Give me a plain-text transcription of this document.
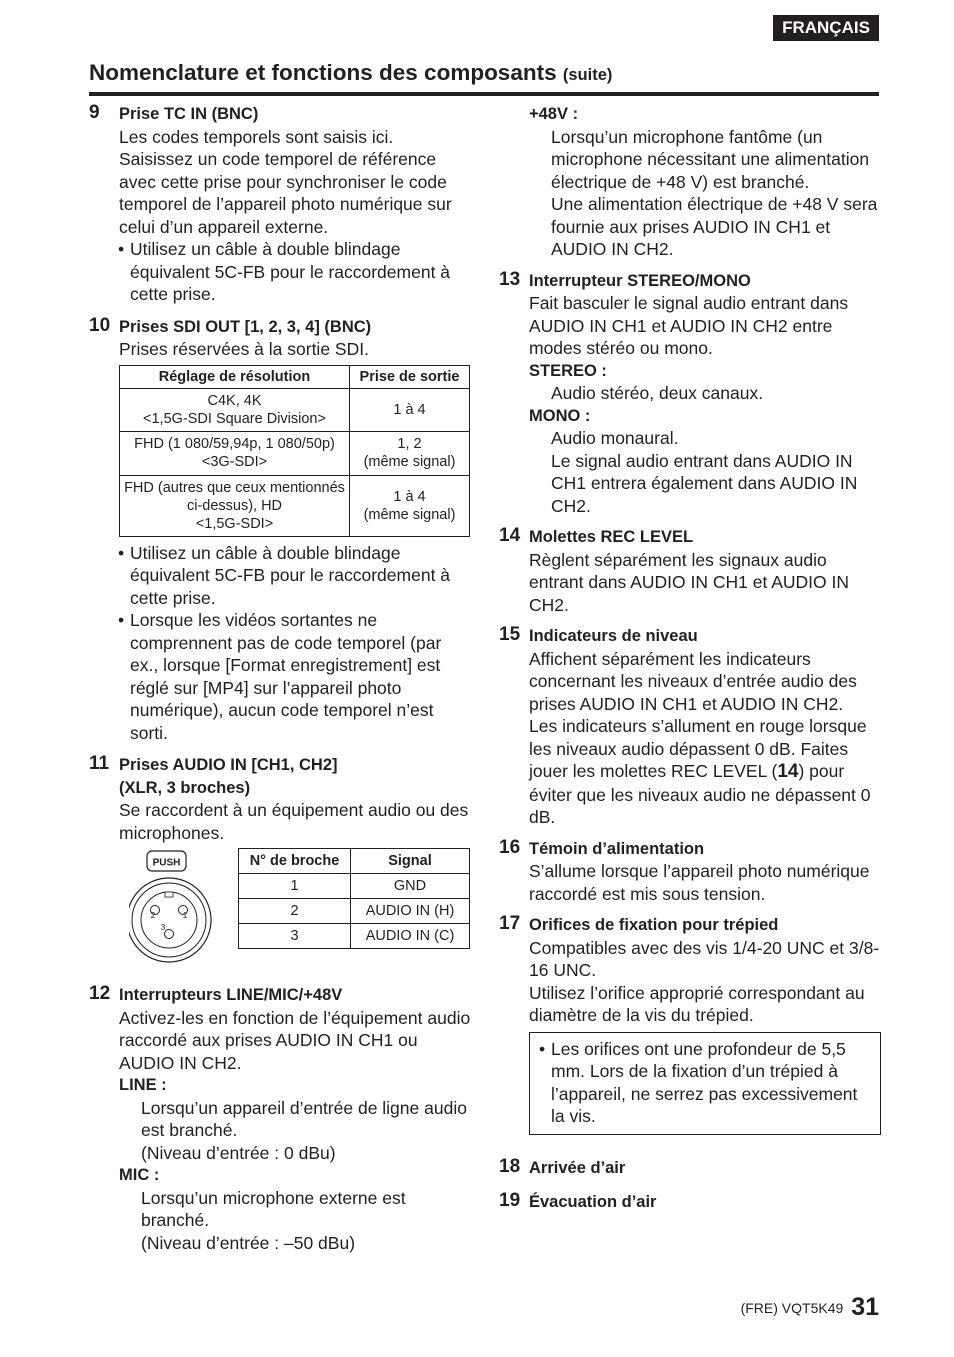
FRANÇAIS
Nomenclature et fonctions des composants (suite)
9 Prise TC IN (BNC)
Les codes temporels sont saisis ici. Saisissez un code temporel de référence avec cette prise pour synchroniser le code temporel de l’appareil photo numérique sur celui d’un appareil externe.
• Utilisez un câble à double blindage équivalent 5C-FB pour le raccordement à cette prise.
10 Prises SDI OUT [1, 2, 3, 4] (BNC)
Prises réservées à la sortie SDI.
Réglage de résolution	Prise de sortie
C4K, 4K
<1,5G-SDI Square Division>	1 à 4
FHD (1 080/59,94p, 1 080/50p)
<3G-SDI>	1, 2
(même signal)
FHD (autres que ceux mentionnés ci-dessus), HD
<1,5G-SDI>	1 à 4
(même signal)
• Utilisez un câble à double blindage équivalent 5C-FB pour le raccordement à cette prise.
• Lorsque les vidéos sortantes ne comprennent pas de code temporel (par ex., lorsque [Format enregistrement] est réglé sur [MP4] sur l’appareil photo numérique), aucun code temporel n’est sorti.
11 Prises AUDIO IN [CH1, CH2]
(XLR, 3 broches)
Se raccordent à un équipement audio ou des microphones.
PUSH
2	1
3
N° de broche	Signal
1	GND
2	AUDIO IN (H)
3	AUDIO IN (C)
12 Interrupteurs LINE/MIC/+48V
Activez-les en fonction de l’équipement audio raccordé aux prises AUDIO IN CH1 ou AUDIO IN CH2.
LINE :
Lorsqu’un appareil d’entrée de ligne audio est branché.
(Niveau d’entrée : 0 dBu)
MIC :
Lorsqu’un microphone externe est branché.
(Niveau d’entrée : –50 dBu)
+48V :
Lorsqu’un microphone fantôme (un microphone nécessitant une alimentation électrique de +48 V) est branché.
Une alimentation électrique de +48 V sera fournie aux prises AUDIO IN CH1 et AUDIO IN CH2.
13 Interrupteur STEREO/MONO
Fait basculer le signal audio entrant dans AUDIO IN CH1 et AUDIO IN CH2 entre modes stéréo ou mono.
STEREO :
Audio stéréo, deux canaux.
MONO :
Audio monaural.
Le signal audio entrant dans AUDIO IN CH1 entrera également dans AUDIO IN CH2.
14 Molettes REC LEVEL
Règlent séparément les signaux audio entrant dans AUDIO IN CH1 et AUDIO IN CH2.
15 Indicateurs de niveau
Affichent séparément les indicateurs concernant les niveaux d’entrée audio des prises AUDIO IN CH1 et AUDIO IN CH2.
Les indicateurs s’allument en rouge lorsque les niveaux audio dépassent 0 dB. Faites jouer les molettes REC LEVEL (14) pour éviter que les niveaux audio ne dépassent 0 dB.
16 Témoin d’alimentation
S’allume lorsque l’appareil photo numérique raccordé est mis sous tension.
17 Orifices de fixation pour trépied
Compatibles avec des vis 1/4-20 UNC et 3/8-16 UNC.
Utilisez l’orifice approprié correspondant au diamètre de la vis du trépied.
• Les orifices ont une profondeur de 5,5 mm. Lors de la fixation d’un trépied à l’appareil, ne serrez pas excessivement la vis.
18 Arrivée d’air
19 Évacuation d’air
(FRE) VQT5K49 31
